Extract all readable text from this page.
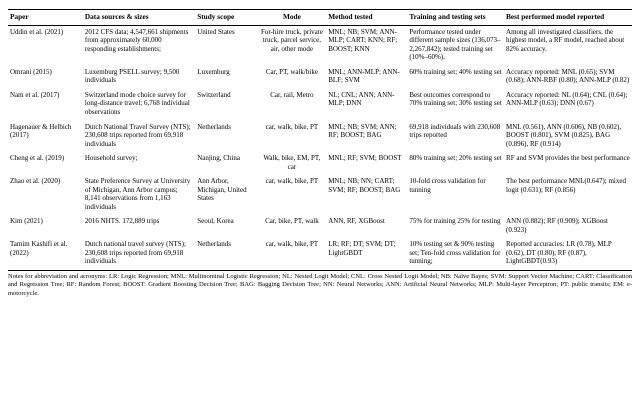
Paper	Data sources & sizes	Study scope	Mode	Method tested	Training and testing sets	Best performed model reported
Uddin et al. (2021)	2012 CFS data; 4,547,661 shipments from approximately 60,000 responding establishments;	United States	For-hire truck, private truck, parcel service, air, other mode	MNL; NB; SVM; ANN-MLP; CART; KNN; RF; BOOST; KNN	Performance tested under different sample sizes (136,073–2,267,842); tested training set (10%–60%).	Among all investigated classifiers, the highest model, a RF model, reached about 82% accuracy.
Omrani (2015)	Luxemburg PSELL survey; 9,500 individuals	Luxemburg	Car, PT, walk/bike	MNL; ANN-MLP; ANN-BLF; SVM	60% training set; 40% testing set	Accuracy reported: MNL (0.65); SVM (0.68); ANN-RBF (0.80); ANN-MLP (0.82)
Nam et al. (2017)	Switzerland mode choice survey for long-distance travel; 6,768 individual observations	Switzerland	Car, rail, Metro	NL; CNL; ANN; ANN-MLP; DNN	Best outcomes correspond to 70% training set; 30% testing set	Accuracy reported: NL (0.64); CNL (0.64); ANN-MLP (0.63); DNN (0.67)
Hagenauer & Helbich (2017)	Dutch National Travel Survey (NTS); 230,608 trips reported from 69,918 individuals	Netherlands	car, walk, bike, PT	MNL; NB; SVM; ANN; RF; BOOST; BAG	69,918 individuals with 230,608 trips reported	MNL (0.561), ANN (0.606), NB (0.602), BOOST (0.801), SVM (0.825), BAG (0.896), RF (0.914)
Cheng et al. (2019)	Household survey;	Nanjing, China	Walk, bike, EM, PT, car	MNL; RF; SVM; BOOST	80% training set; 20% testing set	RF and SVM provides the best performance
Zhao et al. (2020)	State Preference Survey at University of Michigan, Ann Arbor campus; 8,141 observations from 1,163 individuals	Ann Arbor, Michigan, United States	car, walk, bike, PT	MNL; NB; NN; CART; SVM; RF; BOOST; BAG	10-fold cross validation for tunning	The best performance MNL(0.647); mixed logit (0.631); RF (0.856)
Kim (2021)	2016 NHTS. 172,889 trips	Seoul, Korea	Car, bike, PT, walk	ANN, RF, XGBoost	75% for training 25% for testing	ANN (0.882); RF (0.909); XGBoost (0.923)
Tamim Kashifi et al. (2022)	Dutch national travel survey (NTS); 230,608 trips reported from 69,918 individuals	Netherlands	car, walk, bike, PT	LR; RF; DT; SVM; DT; LightGBDT	10% testing set & 90% testing set; Ten-fold cross validation for tunning;	Reported accuracies: LR (0.78), MLP (0.62), DT (0.80), RF (0.87), LightGBDT(0.93)
Notes for abbreviation and acronyms: LR: Logic Regression; MNL: Multinominal Logistic Regression; NL: Nested Logit Model; CNL: Cross Nested Logit Model; NB: Naïve Bayes; SVM: Support Vector Machine; CART: Classification and Regression Tree; RF: Random Forest; BOOST: Gradient Boosting Decision Tree; BAG: Bagging Decision Tree; NN: Neural Networks; ANN: Artificial Neural Networks; MLP: Multi-layer Perceptron; PT: public transits; EM: e-motorcycle.
